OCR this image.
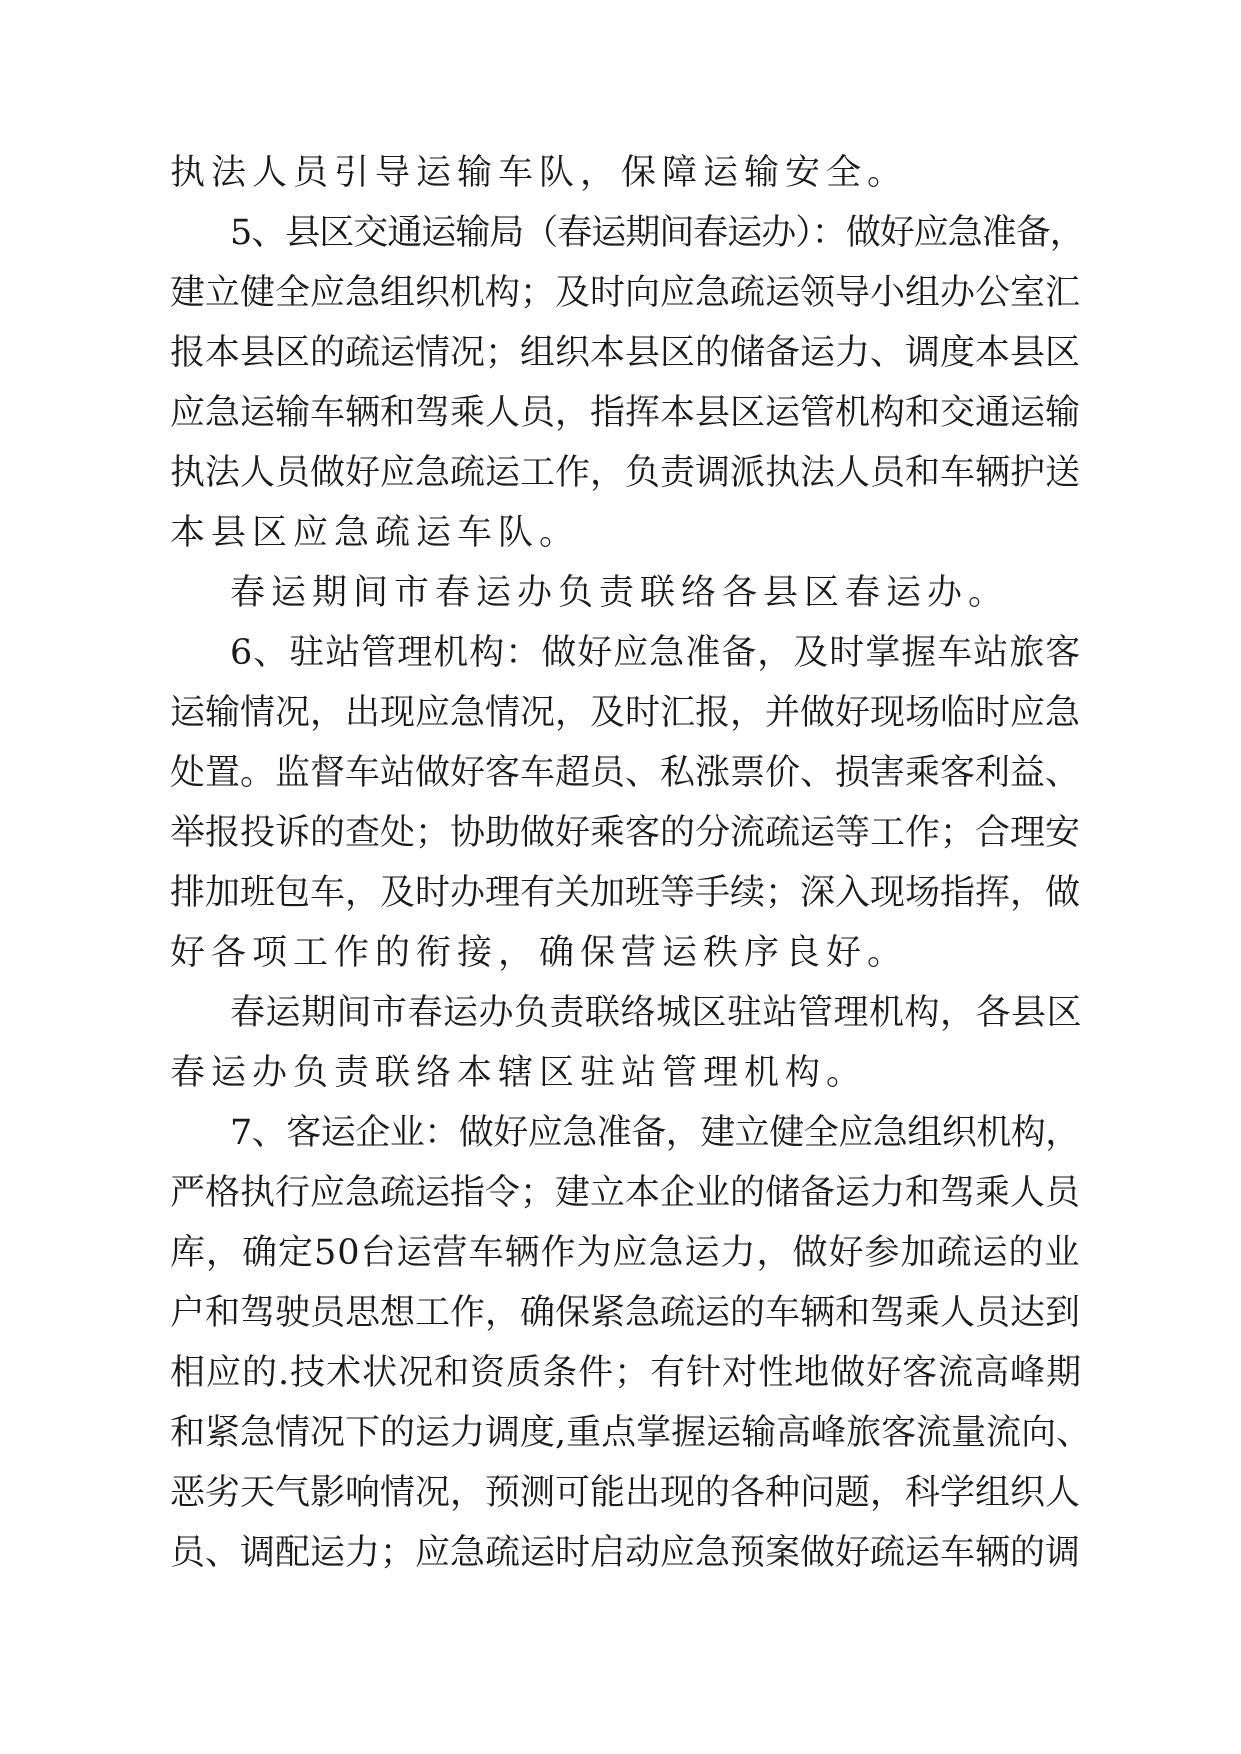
执法人员引导运输车队，保障运输安全。
5、县区交通运输局（春运期间春运办）：做好应急准备，
建立健全应急组织机构；及时向应急疏运领导小组办公室汇
报本县区的疏运情况；组织本县区的储备运力、调度本县区
应急运输车辆和驾乘人员，指挥本县区运管机构和交通运输
执法人员做好应急疏运工作，负责调派执法人员和车辆护送
本县区应急疏运车队。
春运期间市春运办负责联络各县区春运办。
6、驻站管理机构：做好应急准备，及时掌握车站旅客
运输情况，出现应急情况，及时汇报，并做好现场临时应急
处置。监督车站做好客车超员、私涨票价、损害乘客利益、
举报投诉的查处；协助做好乘客的分流疏运等工作；合理安
排加班包车，及时办理有关加班等手续；深入现场指挥，做
好各项工作的衔接，确保营运秩序良好。
春运期间市春运办负责联络城区驻站管理机构，各县区
春运办负责联络本辖区驻站管理机构。
7、客运企业：做好应急准备，建立健全应急组织机构，
严格执行应急疏运指令；建立本企业的储备运力和驾乘人员
库，确定50台运营车辆作为应急运力，做好参加疏运的业
户和驾驶员思想工作，确保紧急疏运的车辆和驾乘人员达到
相应的.技术状况和资质条件；有针对性地做好客流高峰期
和紧急情况下的运力调度,重点掌握运输高峰旅客流量流向、
恶劣天气影响情况，预测可能出现的各种问题，科学组织人
员、调配运力；应急疏运时启动应急预案做好疏运车辆的调
